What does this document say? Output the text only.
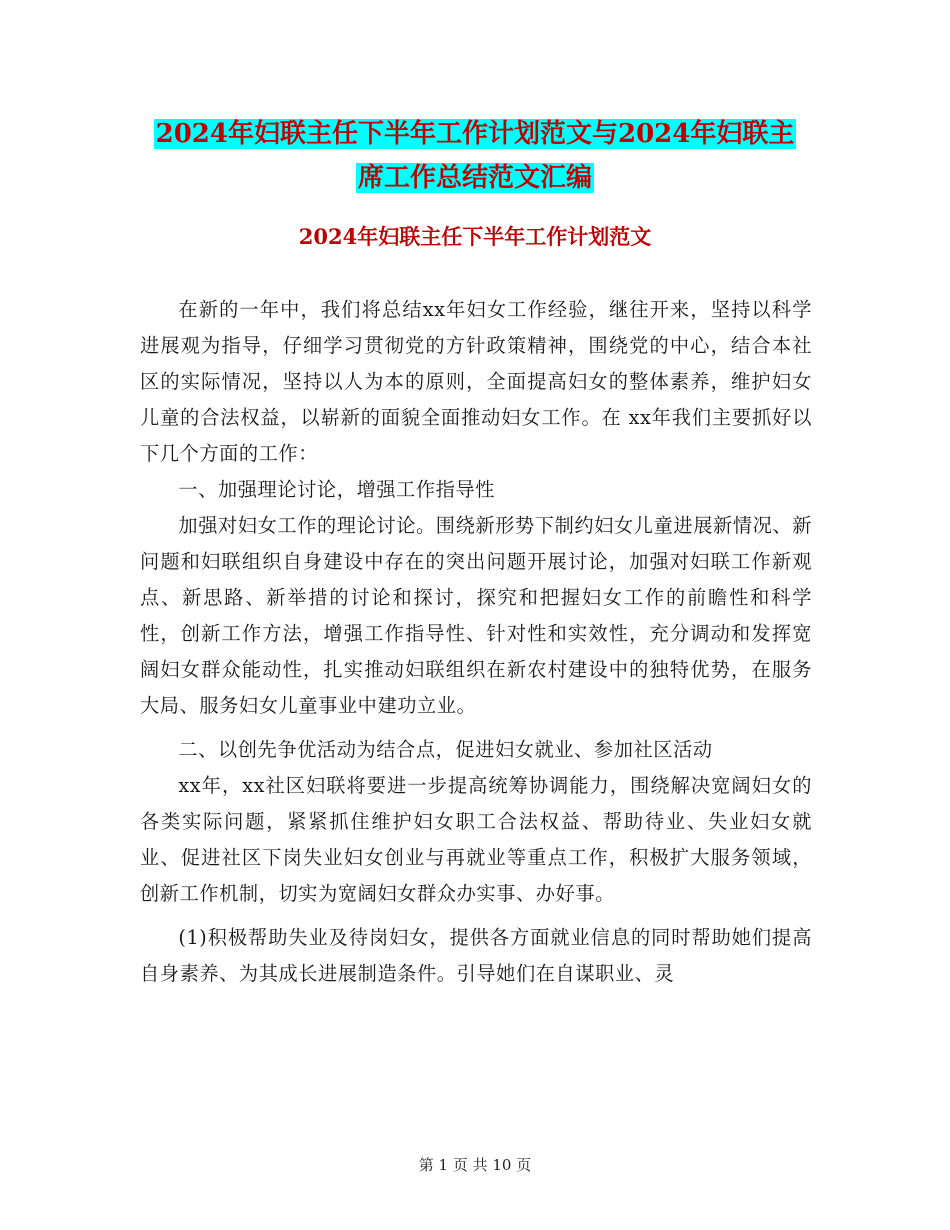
2024年妇联主任下半年工作计划范文与2024年妇联主
席工作总结范文汇编
2024年妇联主任下半年工作计划范文

在新的一年中，我们将总结xx年妇女工作经验，继往开来，坚持以科学进展观为指导，仔细学习贯彻党的方针政策精神，围绕党的中心，结合本社区的实际情况，坚持以人为本的原则，全面提高妇女的整体素养，维护妇女儿童的合法权益，以崭新的面貌全面推动妇女工作。在 xx年我们主要抓好以下几个方面的工作：

一、加强理论讨论，增强工作指导性

加强对妇女工作的理论讨论。围绕新形势下制约妇女儿童进展新情况、新问题和妇联组织自身建设中存在的突出问题开展讨论，加强对妇联工作新观点、新思路、新举措的讨论和探讨，探究和把握妇女工作的前瞻性和科学性，创新工作方法，增强工作指导性、针对性和实效性，充分调动和发挥宽阔妇女群众能动性，扎实推动妇联组织在新农村建设中的独特优势，在服务大局、服务妇女儿童事业中建功立业。

二、以创先争优活动为结合点，促进妇女就业、参加社区活动

xx年，xx社区妇联将要进一步提高统筹协调能力，围绕解决宽阔妇女的各类实际问题，紧紧抓住维护妇女职工合法权益、帮助待业、失业妇女就业、促进社区下岗失业妇女创业与再就业等重点工作，积极扩大服务领域，创新工作机制，切实为宽阔妇女群众办实事、办好事。

(1)积极帮助失业及待岗妇女，提供各方面就业信息的同时帮助她们提高自身素养、为其成长进展制造条件。引导她们在自谋职业、灵

第 1 页 共 10 页
